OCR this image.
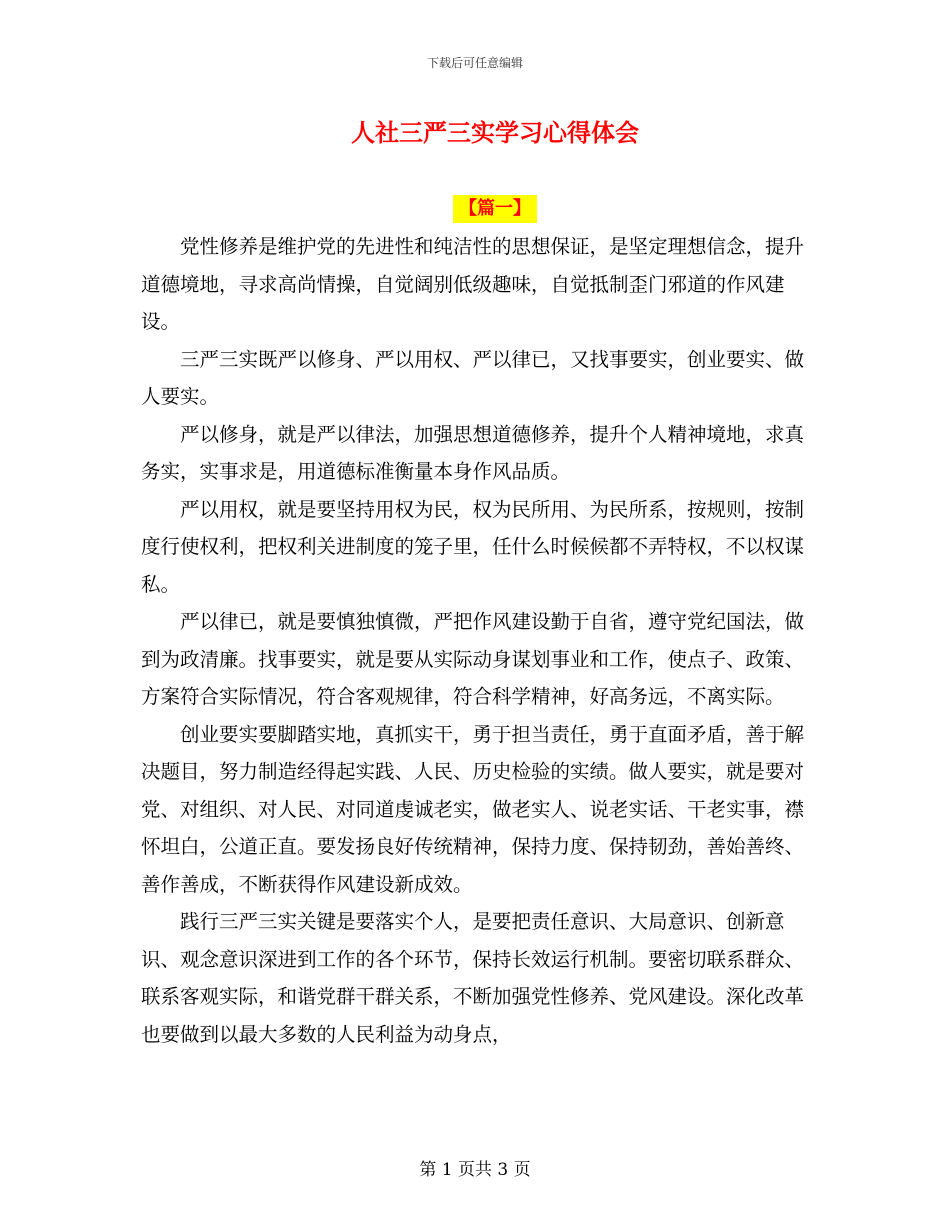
下载后可任意编辑
人社三严三实学习心得体会
【篇一】

党性修养是维护党的先进性和纯洁性的思想保证，是坚定理想信念，提升道德境地，寻求高尚情操，自觉阔别低级趣味，自觉抵制歪门邪道的作风建设。

三严三实既严以修身、严以用权、严以律已，又找事要实，创业要实、做人要实。

严以修身，就是严以律法，加强思想道德修养，提升个人精神境地，求真务实，实事求是，用道德标准衡量本身作风品质。

严以用权，就是要坚持用权为民，权为民所用、为民所系，按规则，按制度行使权利，把权利关进制度的笼子里，任什么时候候都不弄特权，不以权谋私。

严以律已，就是要慎独慎微，严把作风建设勤于自省，遵守党纪国法，做到为政清廉。找事要实，就是要从实际动身谋划事业和工作，使点子、政策、方案符合实际情况，符合客观规律，符合科学精神，好高务远，不离实际。

创业要实要脚踏实地，真抓实干，勇于担当责任，勇于直面矛盾，善于解决题目，努力制造经得起实践、人民、历史检验的实绩。做人要实，就是要对党、对组织、对人民、对同道虔诚老实，做老实人、说老实话、干老实事，襟怀坦白，公道正直。要发扬良好传统精神，保持力度、保持韧劲，善始善终、善作善成，不断获得作风建设新成效。

践行三严三实关键是要落实个人，是要把责任意识、大局意识、创新意识、观念意识深进到工作的各个环节，保持长效运行机制。要密切联系群众、联系客观实际，和谐党群干群关系，不断加强党性修养、党风建设。深化改革也要做到以最大多数的人民利益为动身点，

第 1 页共 3 页
